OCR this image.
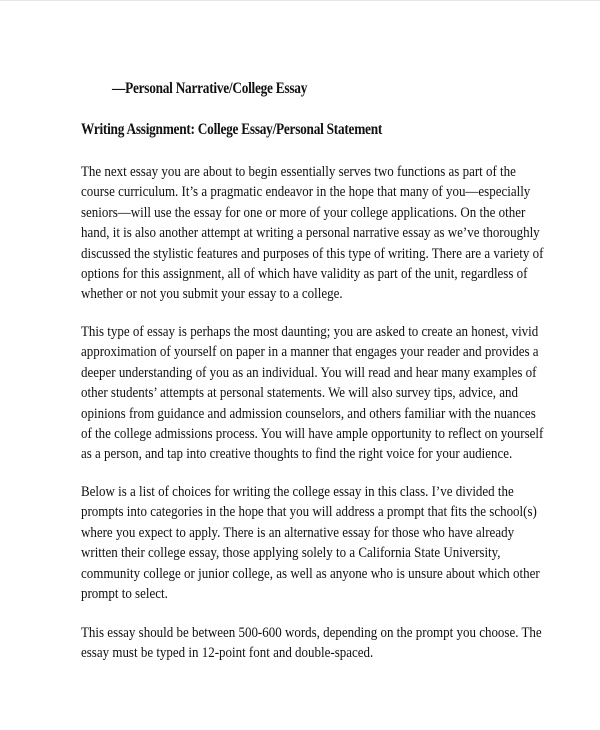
—Personal Narrative/College Essay
Writing Assignment: College Essay/Personal Statement
The next essay you are about to begin essentially serves two functions as part of the
course curriculum. It’s a pragmatic endeavor in the hope that many of you—especially
seniors—will use the essay for one or more of your college applications. On the other
hand, it is also another attempt at writing a personal narrative essay as we’ve thoroughly
discussed the stylistic features and purposes of this type of writing. There are a variety of
options for this assignment, all of which have validity as part of the unit, regardless of
whether or not you submit your essay to a college.
This type of essay is perhaps the most daunting; you are asked to create an honest, vivid
approximation of yourself on paper in a manner that engages your reader and provides a
deeper understanding of you as an individual. You will read and hear many examples of
other students’ attempts at personal statements. We will also survey tips, advice, and
opinions from guidance and admission counselors, and others familiar with the nuances
of the college admissions process. You will have ample opportunity to reflect on yourself
as a person, and tap into creative thoughts to find the right voice for your audience.
Below is a list of choices for writing the college essay in this class. I’ve divided the
prompts into categories in the hope that you will address a prompt that fits the school(s)
where you expect to apply. There is an alternative essay for those who have already
written their college essay, those applying solely to a California State University,
community college or junior college, as well as anyone who is unsure about which other
prompt to select.
This essay should be between 500-600 words, depending on the prompt you choose. The
essay must be typed in 12-point font and double-spaced.
